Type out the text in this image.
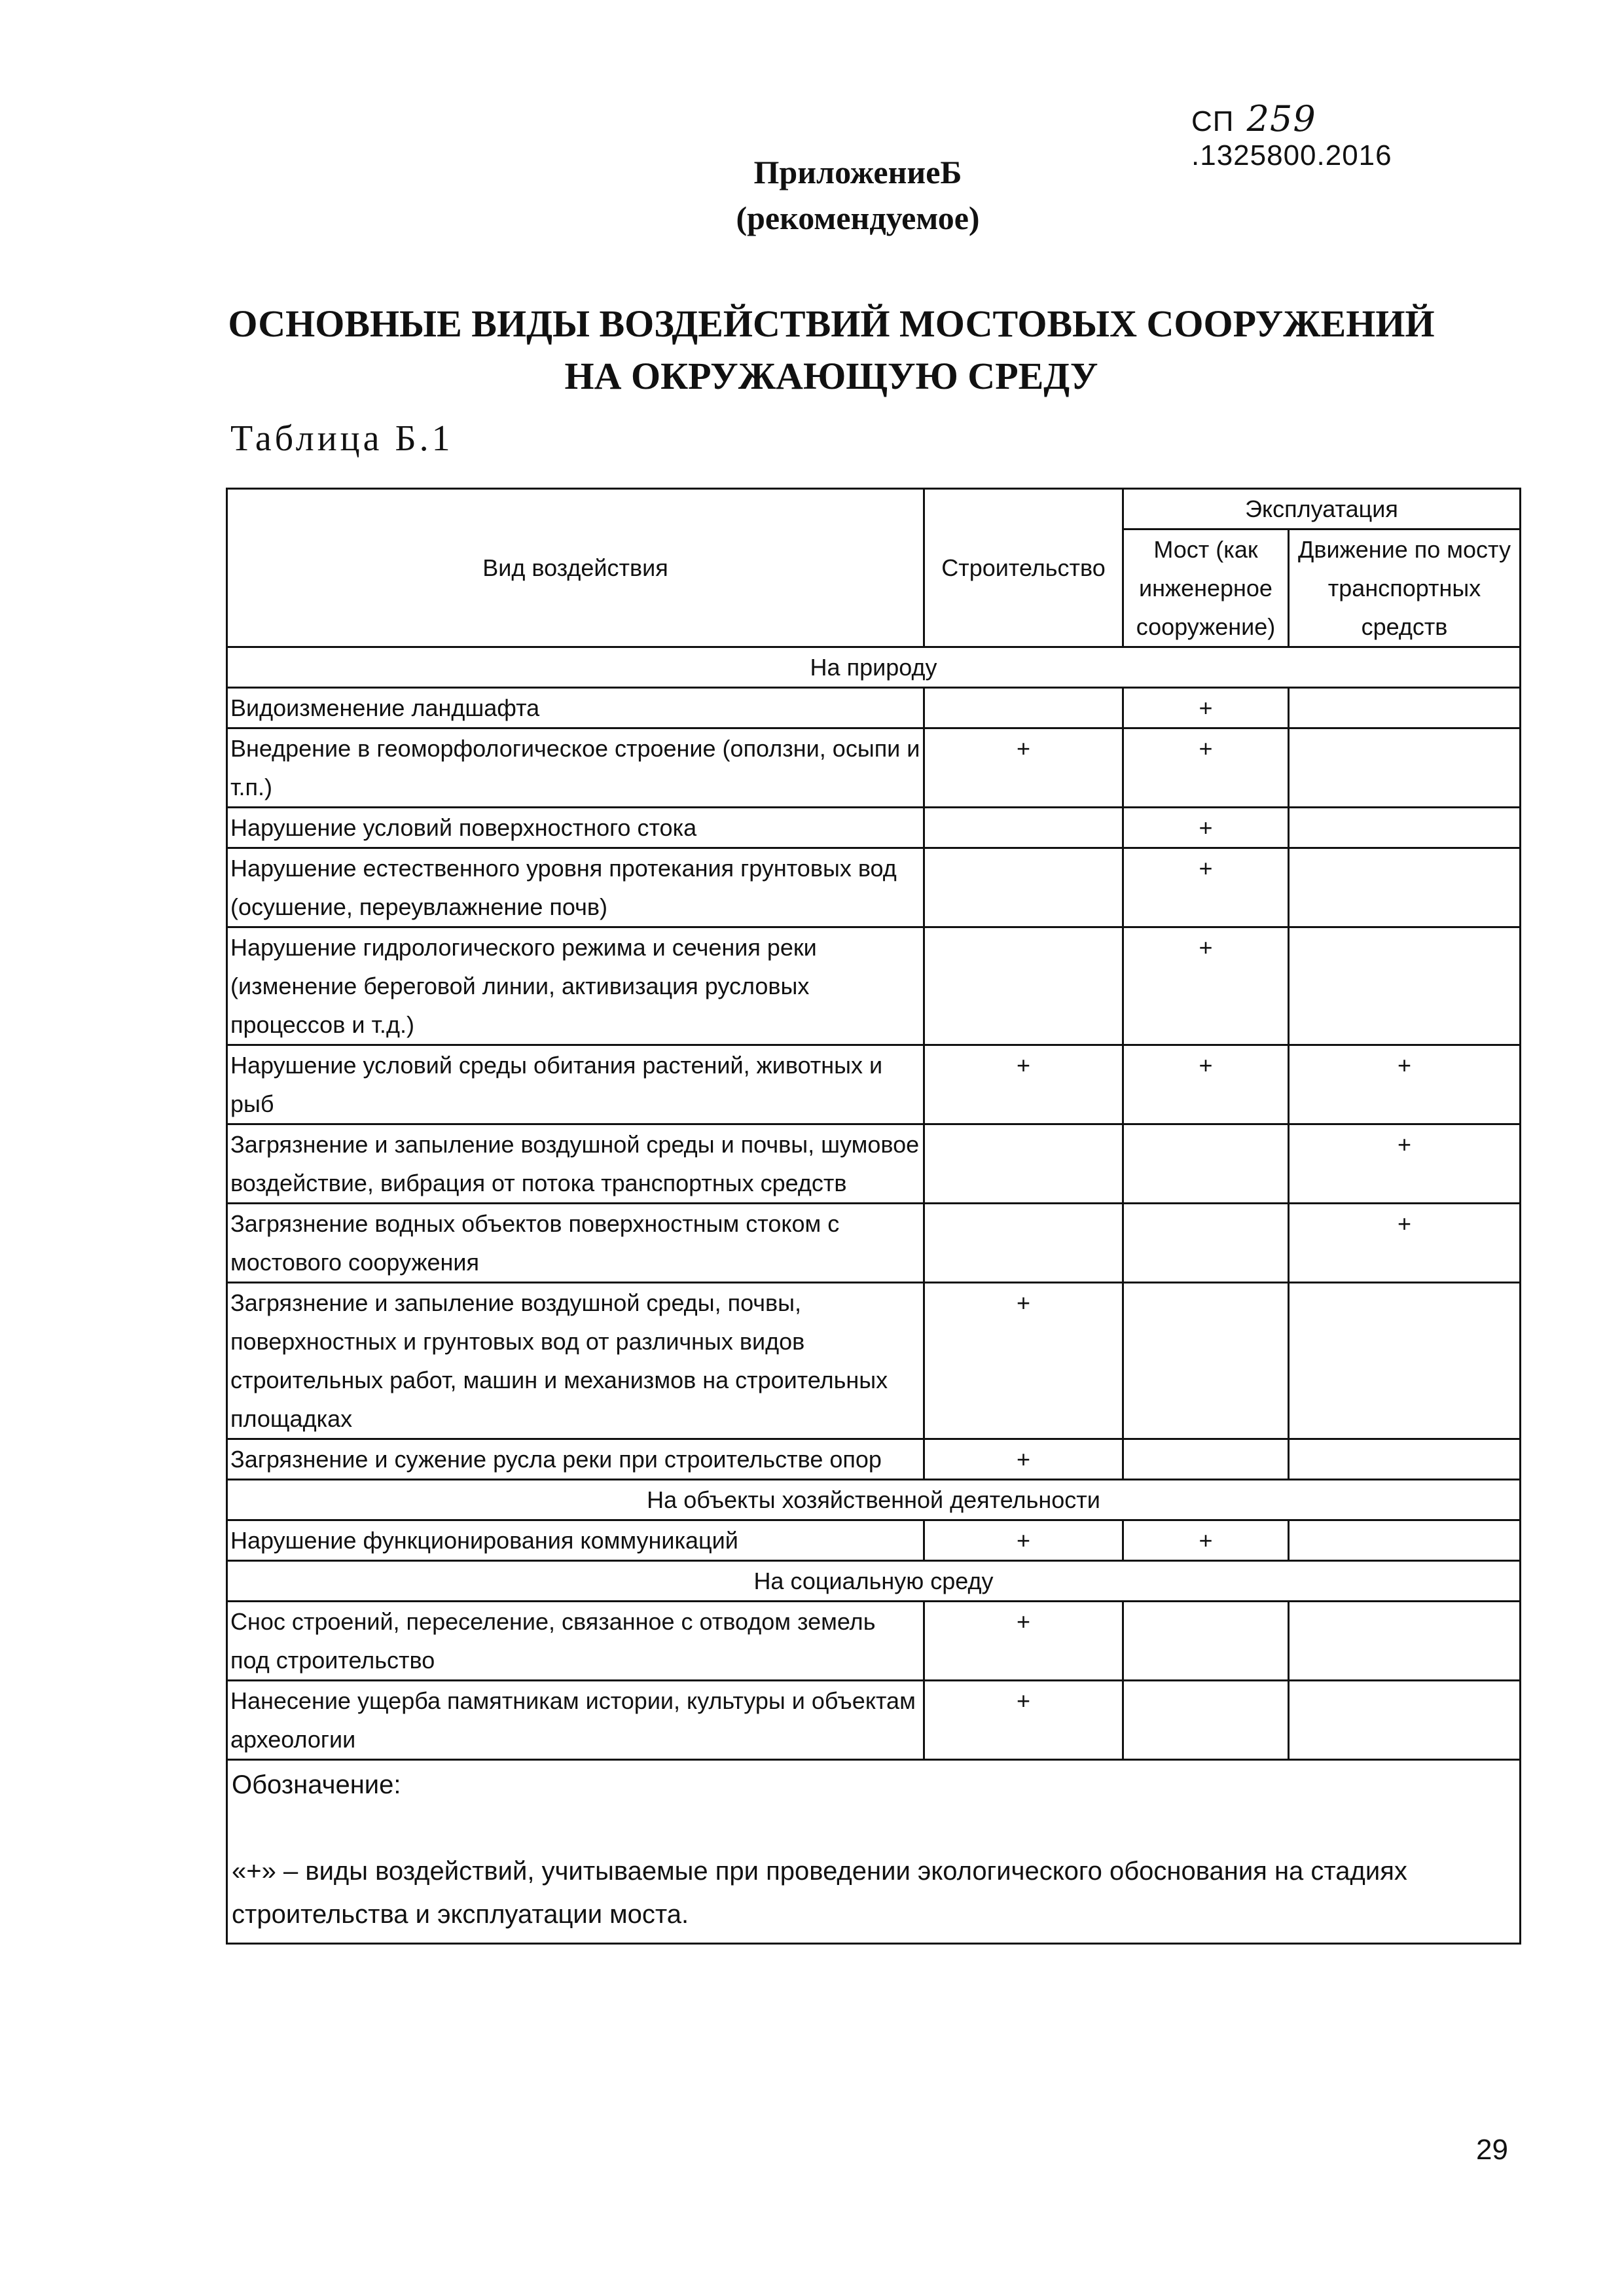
СП 259.1325800.2016
ПриложениеБ
(рекомендуемое)
ОСНОВНЫЕ ВИДЫ ВОЗДЕЙСТВИЙ МОСТОВЫХ СООРУЖЕНИЙ
НА ОКРУЖАЮЩУЮ СРЕДУ
Таблица Б.1
Вид воздействия	Строительство	Эксплуатация	
		Мост (как инженерное сооружение)	Движение по мосту транспортных средств
На природу			
Видоизменение ландшафта		+	
Внедрение в геоморфологическое строение (оползни, осыпи и т.п.)	+	+	
Нарушение условий поверхностного стока		+	
Нарушение естественного уровня протекания грунтовых вод (осушение, переувлажнение почв)		+	
Нарушение гидрологического режима и сечения реки (изменение береговой линии, активизация русловых процессов и т.д.)		+	
Нарушение условий среды обитания растений, животных и рыб	+	+	+
Загрязнение и запыление воздушной среды и почвы, шумовое воздействие, вибрация от потока транспортных средств			+
Загрязнение водных объектов поверхностным стоком с мостового сооружения			+
Загрязнение и запыление воздушной среды, почвы, поверхностных и грунтовых вод от различных видов строительных работ, машин и механизмов на строительных площадках	+		
Загрязнение и сужение русла реки при строительстве опор	+		
На объекты хозяйственной деятельности			
Нарушение функционирования коммуникаций	+	+	
На социальную среду			
Снос строений, переселение, связанное с отводом земель под строительство	+		
Нанесение ущерба памятникам истории, культуры и объектам археологии	+		

Обозначение:
«+» – виды воздействий, учитываемые при проведении экологического обоснования на стадиях строительства и эксплуатации моста.			
29
